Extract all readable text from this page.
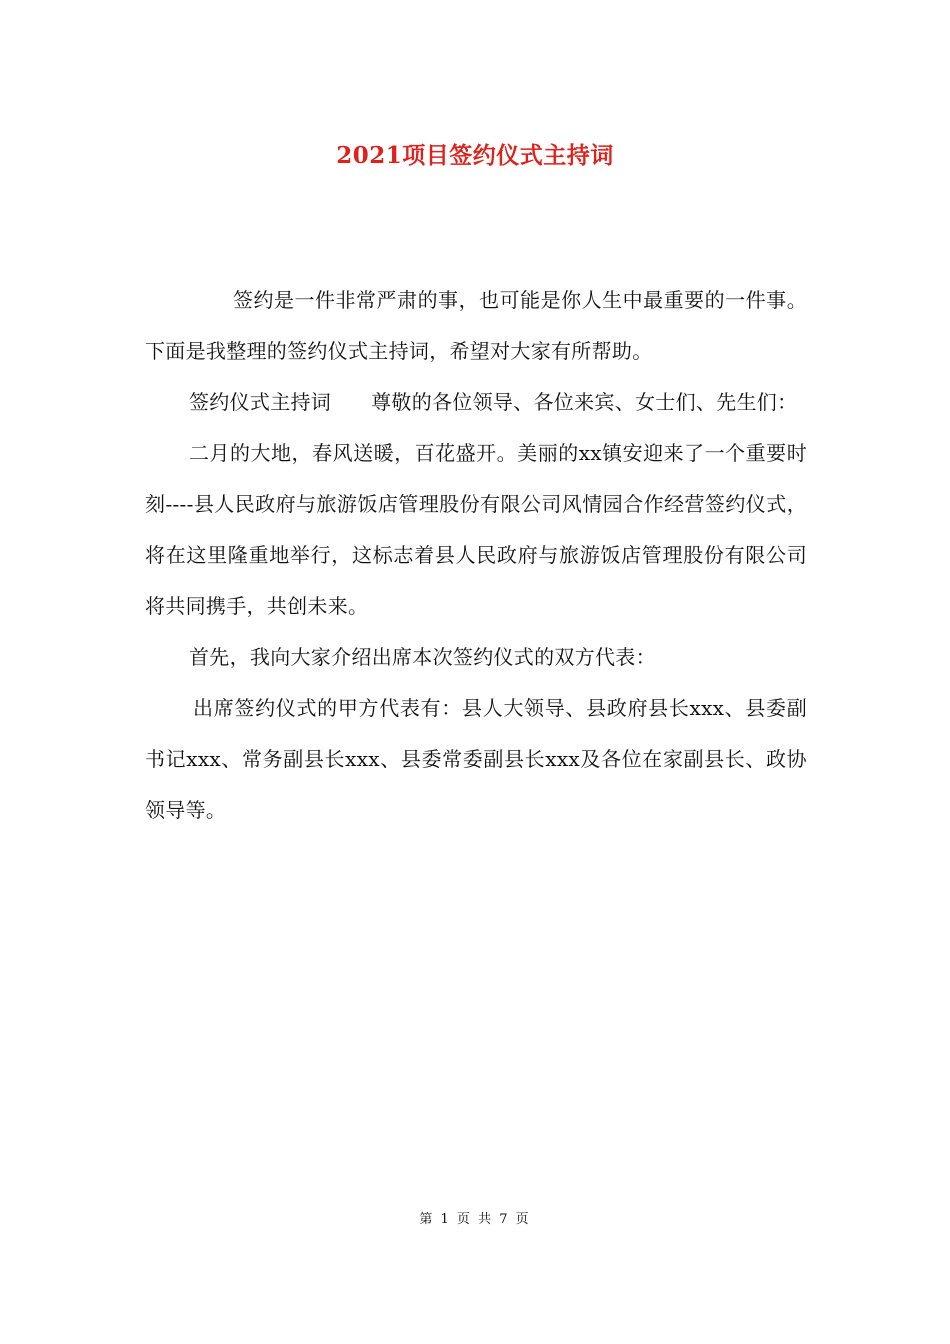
2021项目签约仪式主持词

签约是一件非常严肃的事，也可能是你人生中最重要的一件事。下面是我整理的签约仪式主持词，希望对大家有所帮助。

签约仪式主持词 尊敬的各位领导、各位来宾、女士们、先生们：

二月的大地，春风送暖，百花盛开。美丽的xx镇安迎来了一个重要时刻----县人民政府与旅游饭店管理股份有限公司风情园合作经营签约仪式，将在这里隆重地举行，这标志着县人民政府与旅游饭店管理股份有限公司将共同携手，共创未来。

首先，我向大家介绍出席本次签约仪式的双方代表：

出席签约仪式的甲方代表有：县人大领导、县政府县长xxx、县委副书记xxx、常务副县长xxx、县委常委副县长xxx及各位在家副县长、政协领导等。

第 1 页 共 7 页
